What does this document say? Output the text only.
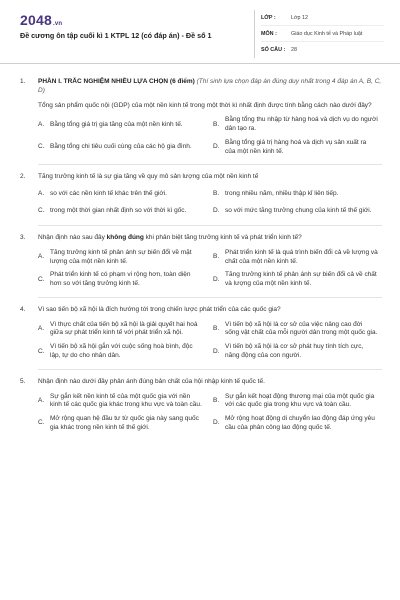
2048.vn
Đề cương ôn tập cuối kì 1 KTPL 12 (có đáp án) - Đề số 1
LỚP :	Lớp 12
MÔN :	Giáo dục Kinh tế và Pháp luật
SỐ CÂU :	28
1.	PHẦN I. TRẮC NGHIỆM NHIỀU LỰA CHỌN (6 điểm) (Thí sinh lựa chọn đáp án đúng duy nhất trong 4 đáp án A, B, C, D)
Tổng sản phẩm quốc nội (GDP) của một nền kinh tế trong một thời kì nhất định được tính bằng cách nào dưới đây?
A. Bằng tổng giá trị gia tăng của một nền kinh tế.	B.
Bằng tổng thu nhập từ hàng hoá và dịch vụ do người dân tạo ra.
C. Bằng tổng chi tiêu cuối cùng của các hộ gia đình.	D.
Bằng tổng giá trị hàng hoá và dịch vụ sản xuất ra của một nền kinh tế.
2.	Tăng trưởng kinh tế là sự gia tăng về quy mô sản lượng của một nền kinh tế
A. so với các nền kinh tế khác trên thế giới.	B. trong nhiều năm, nhiều thập kỉ liên tiếp.
C. trong một thời gian nhất định so với thời kì gốc.	D. so với mức tăng trưởng chung của kinh tế thế giới.
3.	Nhận định nào sau đây không đúng khi phân biệt tăng trưởng kinh tế và phát triển kinh tế?
A.
Tăng trưởng kinh tế phản ánh sự biến đổi về mặt lượng của một nền kinh tế.
B.
Phát triển kinh tế là quá trình biến đổi cả về lượng và chất của một nền kinh tế.
C.
Phát triển kinh tế có phạm vi rộng hơn, toàn diện hơn so với tăng trưởng kinh tế.
D.
Tăng trưởng kinh tế phản ánh sự biến đổi cả về chất và lượng của một nền kinh tế.
4.	Vì sao tiến bộ xã hội là đích hướng tới trong chiến lược phát triển của các quốc gia?
A.
Vì thực chất của tiến bộ xã hội là giải quyết hai hoà giữa sự phát triển kinh tế với phát triển xã hội.
B.
Vì tiến bộ xã hội là cơ sở của việc nâng cao đời sống vật chất của mỗi người dân trong một quốc gia.
C.
Vì tiến bộ xã hội gắn với cuộc sống hoà bình, độc lập, tự do cho nhân dân.
D.
Vì tiến bộ xã hội là cơ sở phát huy tính tích cực, năng động của con người.
5.	Nhận định nào dưới đây phản ánh đúng bản chất của hội nhập kinh tế quốc tế.
A.
Sự gắn kết nền kinh tế của một quốc gia với nền kinh tế các quốc gia khác trong khu vực và toàn cầu.
B.
Sự gắn kết hoạt động thương mại của một quốc gia với các quốc gia trong khu vực và toàn cầu.
C.
Mở rộng quan hệ đầu tư từ quốc gia này sang quốc gia khác trong nền kinh tế thế giới.
D.
Mở rộng hoạt động di chuyển lao động đáp ứng yêu cầu của phân công lao động quốc tế.
